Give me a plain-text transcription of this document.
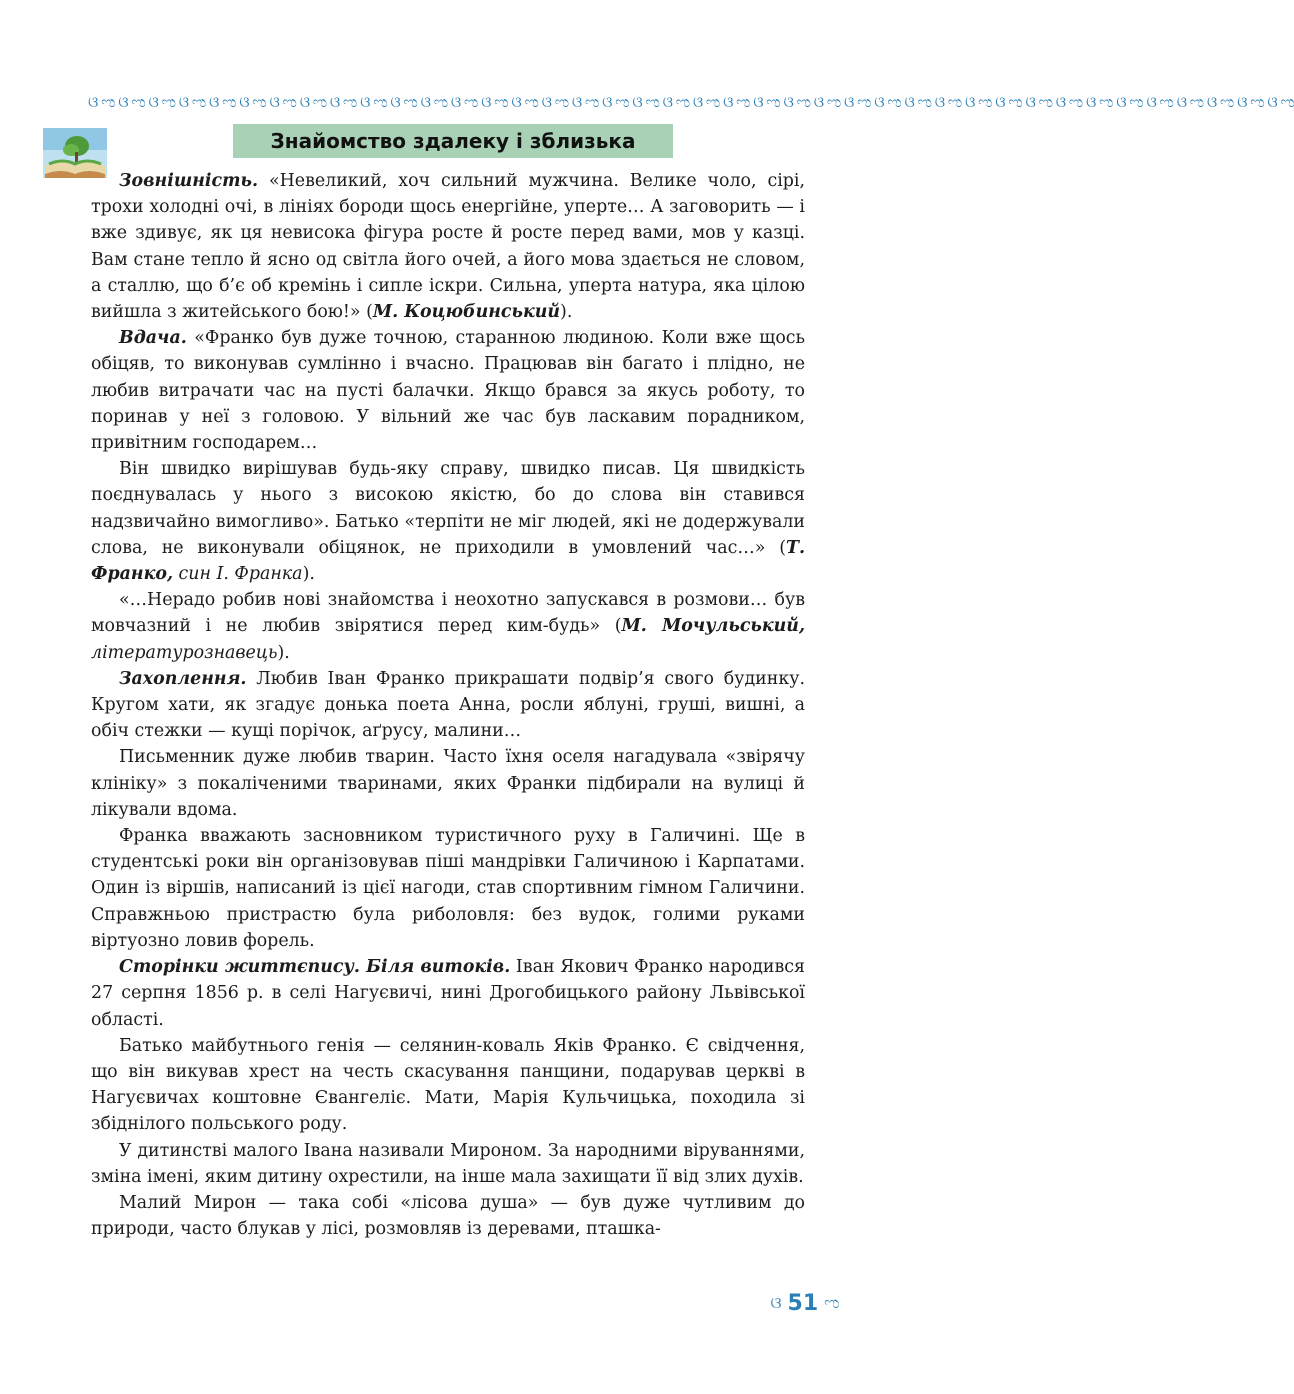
ଓ ಌ ଓ ಌ ଓ ಌ ଓ ಌ ଓ ಌ ଓ ಌ ଓ ಌ ଓ ಌ ଓ ಌ ଓ ಌ ଓ ಌ ଓ ಌ ଓ ಌ ଓ ಌ ଓ ಌ ଓ ಌ ଓ ಌ ଓ ಌ ଓ ಌ ଓ ಌ ଓ ಌ ଓ ಌ ଓ ಌ ଓ ಌ ଓ ಌ ଓ ಌ ଓ ಌ ଓ ಌ ଓ ಌ ଓ ಌ ଓ ಌ ଓ ಌ ଓ ಌ ଓ ಌ ଓ ಌ ଓ ಌ ଓ ಌ ଓ ಌ ଓ ಌ ଓ ಌ
Знайомство здалеку і зблизька

Зовнішність. «Невеликий, хоч сильний мужчина. Велике чоло, сірі, трохи холодні очі, в лініях бороди щось енергійне, уперте… А заговорить — і вже здивує, як ця невисока фігура росте й росте перед вами, мов у казці. Вам стане тепло й ясно од світла його очей, а його мова здається не словом, а сталлю, що б’є об кремінь і сипле іскри. Сильна, уперта натура, яка цілою вийшла з житейського бою!» (М. Коцюбинський).

Вдача. «Франко був дуже точною, старанною людиною. Коли вже щось обіцяв, то виконував сумлінно і вчасно. Працював він багато і плідно, не любив витрачати час на пусті балачки. Якщо брався за якусь роботу, то поринав у неї з головою. У вільний же час був ласкавим порадником, привітним господарем…

Він швидко вирішував будь-яку справу, швидко писав. Ця швидкість поєднувалась у нього з високою якістю, бо до слова він ставився надзвичайно вимогливо». Батько «терпіти не міг людей, які не додержували слова, не виконували обіцянок, не приходили в умовлений час…» (Т. Франко, син І. Франка).

«…Нерадо робив нові знайомства і неохотно запускався в розмови… був мовчазний і не любив звірятися перед ким-будь» (М. Мочульський, літературознавець).

Захоплення. Любив Іван Франко прикрашати подвір’я свого будинку. Кругом хати, як згадує донька поета Анна, росли яблуні, груші, вишні, а обіч стежки — кущі порічок, аґрусу, малини…

Письменник дуже любив тварин. Часто їхня оселя нагадувала «звірячу клініку» з покаліченими тваринами, яких Франки підбирали на вулиці й лікували вдома.

Франка вважають засновником туристичного руху в Галичині. Ще в студентські роки він організовував піші мандрівки Галичиною і Карпатами. Один із віршів, написаний із цієї нагоди, став спортивним гімном Галичини. Справжньою пристрастю була риболовля: без вудок, голими руками віртуозно ловив форель.

Сторінки життєпису. Біля витоків. Іван Якович Франко народився 27 серпня 1856 р. в селі Нагуєвичі, нині Дрогобицького району Львівської області.

Батько майбутнього генія — селянин-коваль Яків Франко. Є свідчення, що він викував хрест на честь скасування панщини, подарував церкві в Нагуєвичах коштовне Євангеліє. Мати, Марія Кульчицька, походила зі збіднілого польського роду.

У дитинстві малого Івана називали Мироном. За народними віруваннями, зміна імені, яким дитину охрестили, на інше мала захищати її від злих духів.

Малий Мирон — така собі «лісова душа» — був дуже чутливим до природи, часто блукав у лісі, розмовляв із деревами, пташка-

ଓ 51 ಌ
